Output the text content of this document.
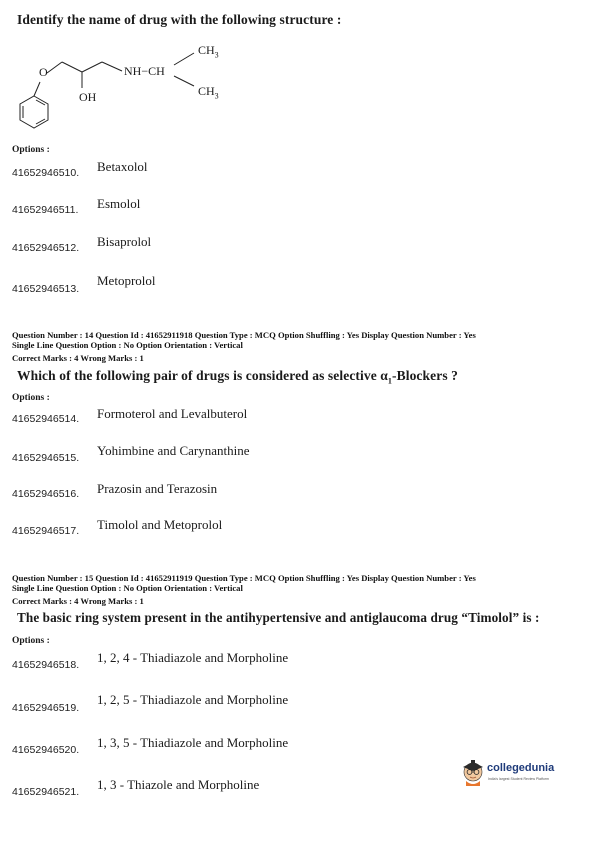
Identify the name of drug with the following structure :
O
OH
NH−CH
$CH_3$
$CH_3$
Options :
41652946510. Betaxolol
41652946511. Esmolol
41652946512. Bisaprolol
41652946513.
Metoprolol
Question Number : 14 Question Id : 41652911918 Question Type : MCQ Option Shuffling : Yes Display Question Number : Yes
Single Line Question Option : No Option Orientation : Vertical
Correct Marks : 4 Wrong Marks : 1
Which of the following pair of drugs is considered as selective $\alpha_1$-Blockers ?
Options :
41652946514. Formoterol and Levalbuterol
41652946515. Yohimbine and Carynanthine
41652946516. Prazosin and Terazosin
41652946517. Timolol and Metoprolol
Question Number : 15 Question Id : 41652911919 Question Type : MCQ Option Shuffling : Yes Display Question Number : Yes
Single Line Question Option : No Option Orientation : Vertical
Correct Marks : 4 Wrong Marks : 1
The basic ring system present in the antihypertensive and antiglaucoma drug “Timolol” is :
Options :
41652946518. 1, 2, 4 - Thiadiazole and Morpholine
41652946519.
1, 2, 5 - Thiadiazole and Morpholine
41652946520. 1, 3, 5 - Thiadiazole and Morpholine
41652946521. 1, 3 - Thiazole and Morpholine
collegedunia
India's largest Student Review Platform
